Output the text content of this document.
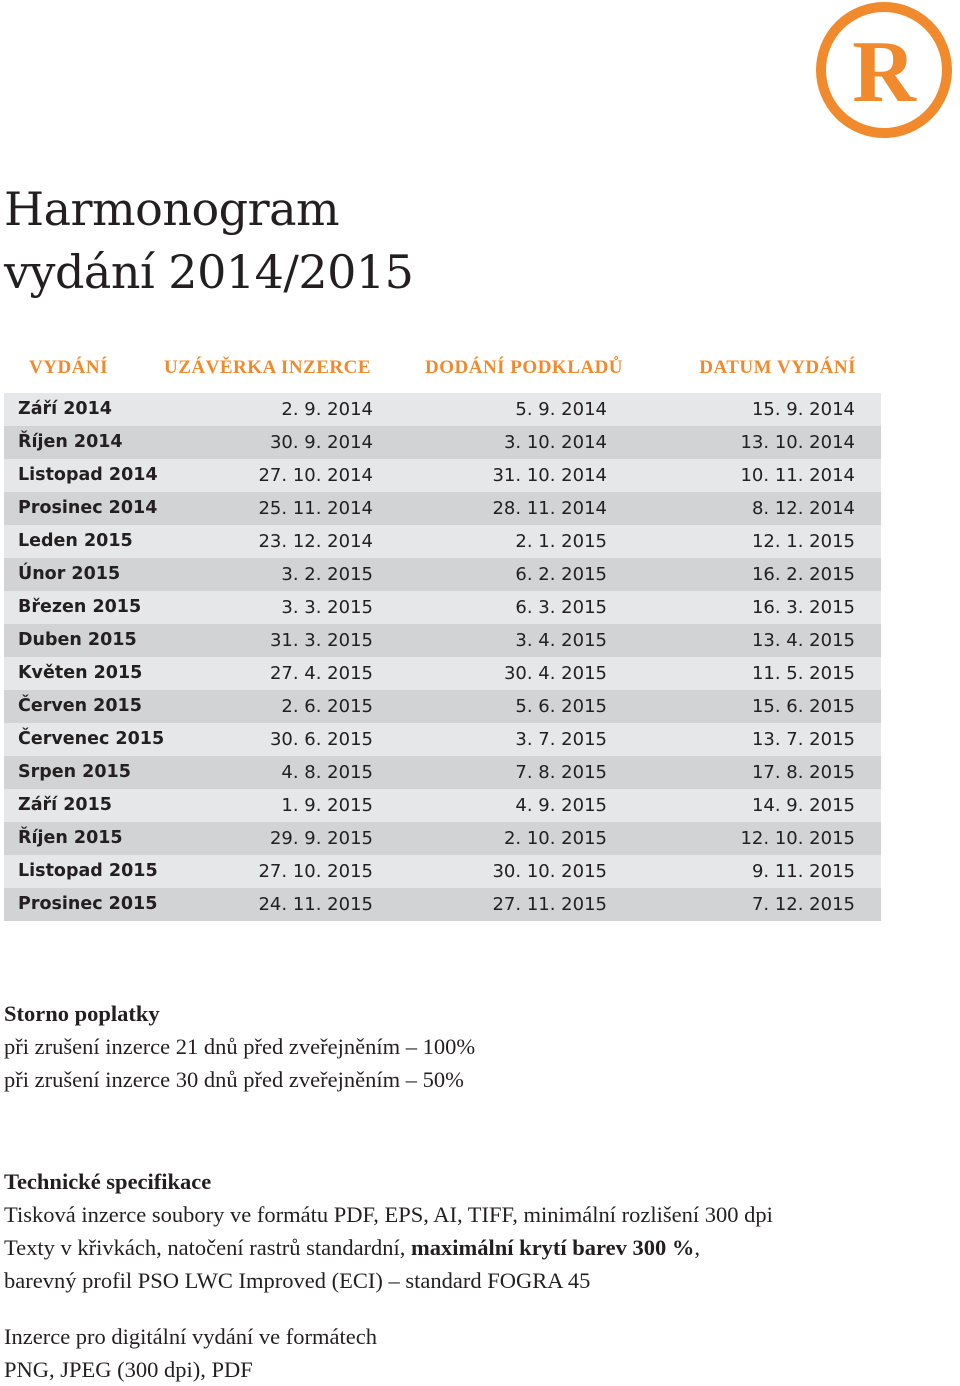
R
Harmonogram
vydání 2014/2015
VYDÁNÍ	UZÁVĚRKA INZERCE	DODÁNÍ PODKLADŮ	DATUM VYDÁNÍ
Září 2014	2. 9. 2014	5. 9. 2014	15. 9. 2014
Říjen 2014	30. 9. 2014	3. 10. 2014	13. 10. 2014
Listopad 2014	27. 10. 2014	31. 10. 2014	10. 11. 2014
Prosinec 2014	25. 11. 2014	28. 11. 2014	8. 12. 2014
Leden 2015	23. 12. 2014	2. 1. 2015	12. 1. 2015
Únor 2015	3. 2. 2015	6. 2. 2015	16. 2. 2015
Březen 2015	3. 3. 2015	6. 3. 2015	16. 3. 2015
Duben 2015	31. 3. 2015	3. 4. 2015	13. 4. 2015
Květen 2015	27. 4. 2015	30. 4. 2015	11. 5. 2015
Červen 2015	2. 6. 2015	5. 6. 2015	15. 6. 2015
Červenec 2015	30. 6. 2015	3. 7. 2015	13. 7. 2015
Srpen 2015	4. 8. 2015	7. 8. 2015	17. 8. 2015
Září 2015	1. 9. 2015	4. 9. 2015	14. 9. 2015
Říjen 2015	29. 9. 2015	2. 10. 2015	12. 10. 2015
Listopad 2015	27. 10. 2015	30. 10. 2015	9. 11. 2015
Prosinec 2015	24. 11. 2015	27. 11. 2015	7. 12. 2015
Storno poplatky
při zrušení inzerce 21 dnů před zveřejněním – 100%
při zrušení inzerce 30 dnů před zveřejněním – 50%
Technické specifikace
Tisková inzerce soubory ve formátu PDF, EPS, AI, TIFF, minimální rozlišení 300 dpi
Texty v křivkách, natočení rastrů standardní, maximální krytí barev 300 %,
barevný profil PSO LWC Improved (ECI) – standard FOGRA 45
Inzerce pro digitální vydání ve formátech
PNG, JPEG (300 dpi), PDF
